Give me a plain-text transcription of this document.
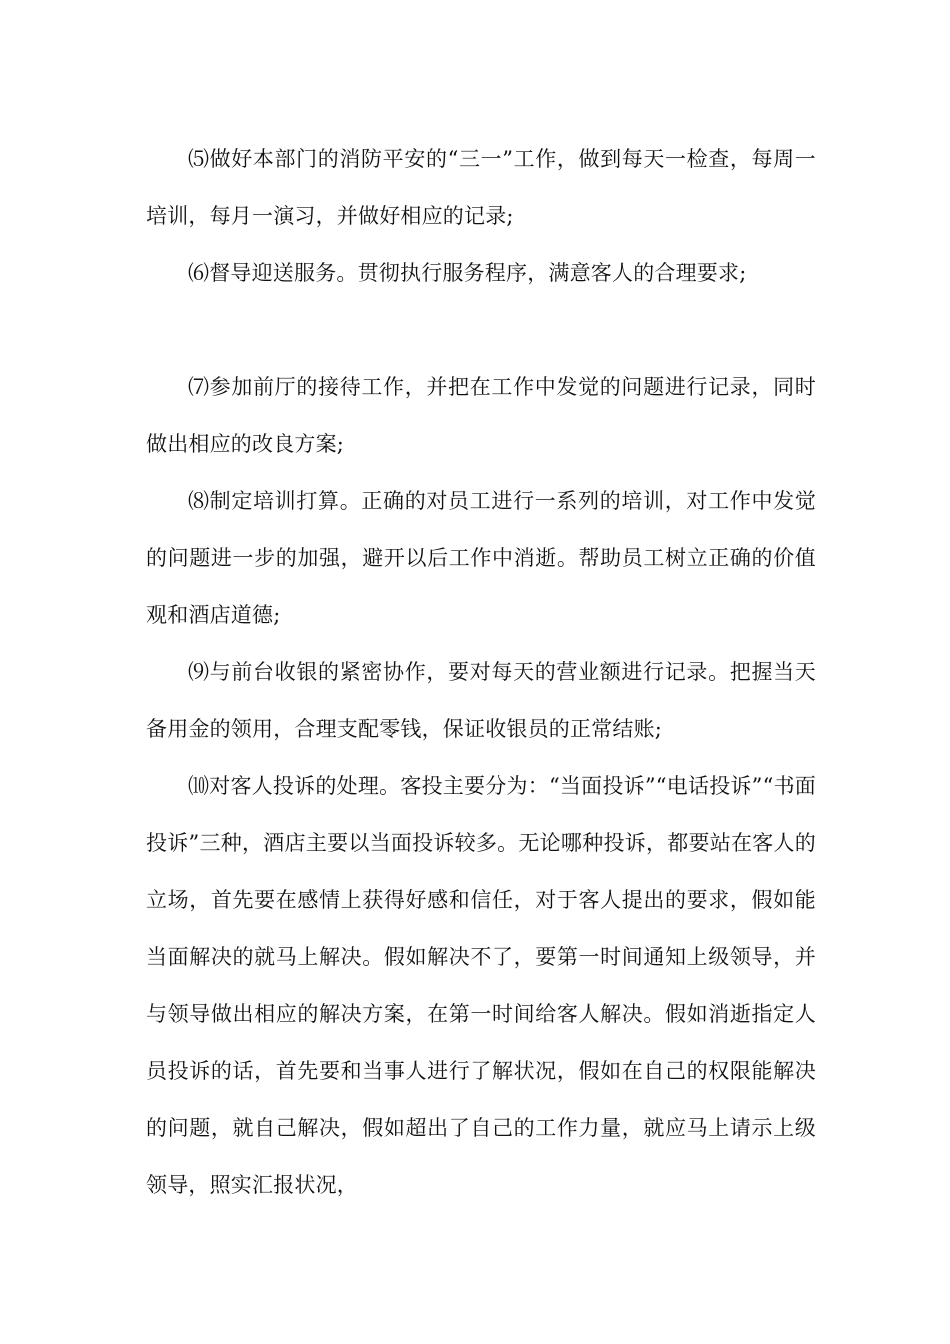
⑸做好本部门的消防平安的“三一”工作，做到每天一检查，每周一培训，每月一演习，并做好相应的记录;

⑹督导迎送服务。贯彻执行服务程序，满意客人的合理要求;

⑺参加前厅的接待工作，并把在工作中发觉的问题进行记录，同时做出相应的改良方案;

⑻制定培训打算。正确的对员工进行一系列的培训，对工作中发觉的问题进一步的加强，避开以后工作中消逝。帮助员工树立正确的价值观和酒店道德;

⑼与前台收银的紧密协作，要对每天的营业额进行记录。把握当天备用金的领用，合理支配零钱，保证收银员的正常结账;

⑽对客人投诉的处理。客投主要分为：“当面投诉”“电话投诉”“书面投诉”三种，酒店主要以当面投诉较多。无论哪种投诉，都要站在客人的立场，首先要在感情上获得好感和信任，对于客人提出的要求，假如能当面解决的就马上解决。假如解决不了，要第一时间通知上级领导，并与领导做出相应的解决方案，在第一时间给客人解决。假如消逝指定人员投诉的话，首先要和当事人进行了解状况，假如在自己的权限能解决的问题，就自己解决，假如超出了自己的工作力量，就应马上请示上级领导，照实汇报状况，
